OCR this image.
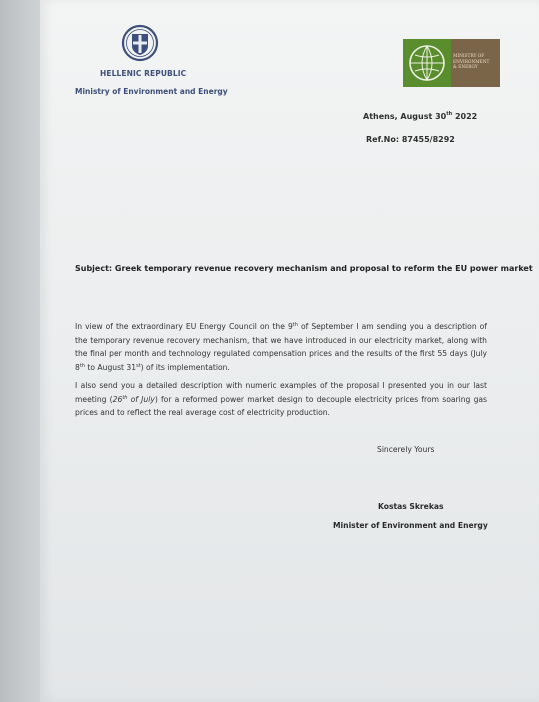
HELLENIC REPUBLIC
Ministry of Environment and Energy
MINISTRY OF
ENVIRONMENT
& ENERGY
Athens, August 30th 2022
Ref.No: 87455/8292
Subject: Greek temporary revenue recovery mechanism and proposal to reform the EU power market
In view of the extraordinary EU Energy Council on the 9th of September I am sending you a description of the temporary revenue recovery mechanism, that we have introduced in our electricity market, along with the final per month and technology regulated compensation prices and the results of the first 55 days (July 8th to August 31st) of its implementation.
I also send you a detailed description with numeric examples of the proposal I presented you in our last meeting (26th of July) for a reformed power market design to decouple electricity prices from soaring gas prices and to reflect the real average cost of electricity production.
Sincerely Yours
Kostas Skrekas
Minister of Environment and Energy
